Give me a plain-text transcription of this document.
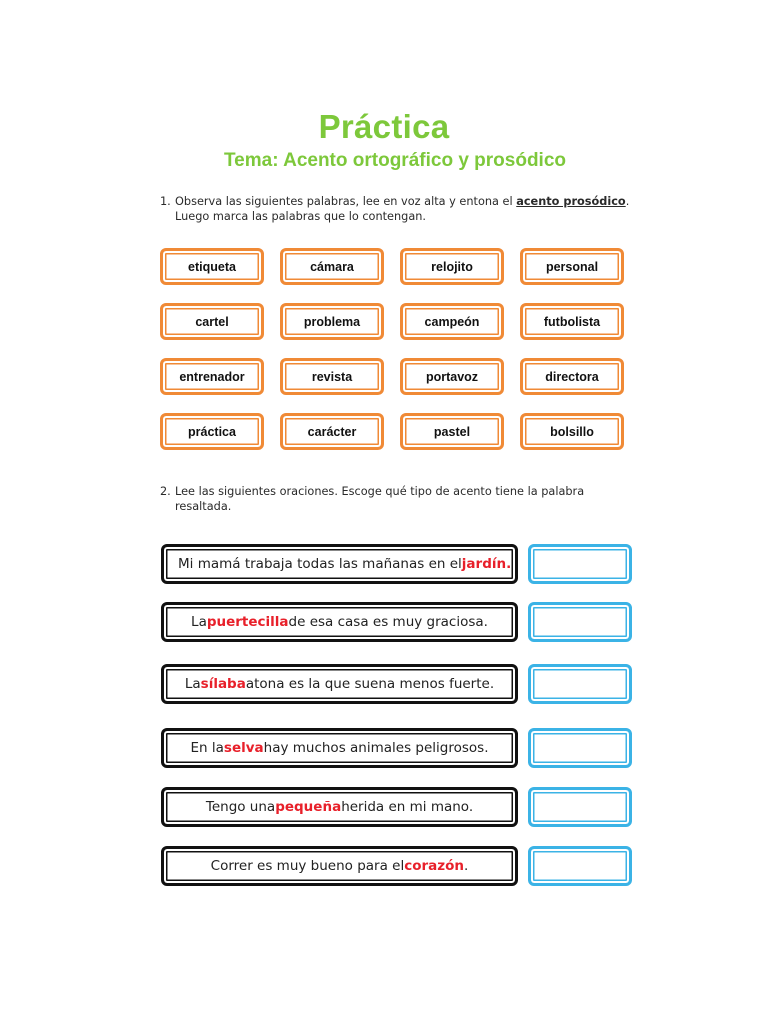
Práctica
Tema: Acento ortográfico y prosódico
1. Observa las siguientes palabras, lee en voz alta y entona el acento prosódico.
Luego marca las palabras que lo contengan.
etiqueta	cámara	relojito	personal
cartel	problema	campeón	futbolista
entrenador	revista	portavoz	directora
práctica	carácter	pastel	bolsillo
2. Lee las siguientes oraciones. Escoge qué tipo de acento tiene la palabra
resaltada.
Mi mamá trabaja todas las mañanas en el jardín.
La puertecilla de esa casa es muy graciosa.
La sílaba atona es la que suena menos fuerte.
En la selva hay muchos animales peligrosos.
Tengo una pequeña herida en mi mano.
Correr es muy bueno para el corazón .
